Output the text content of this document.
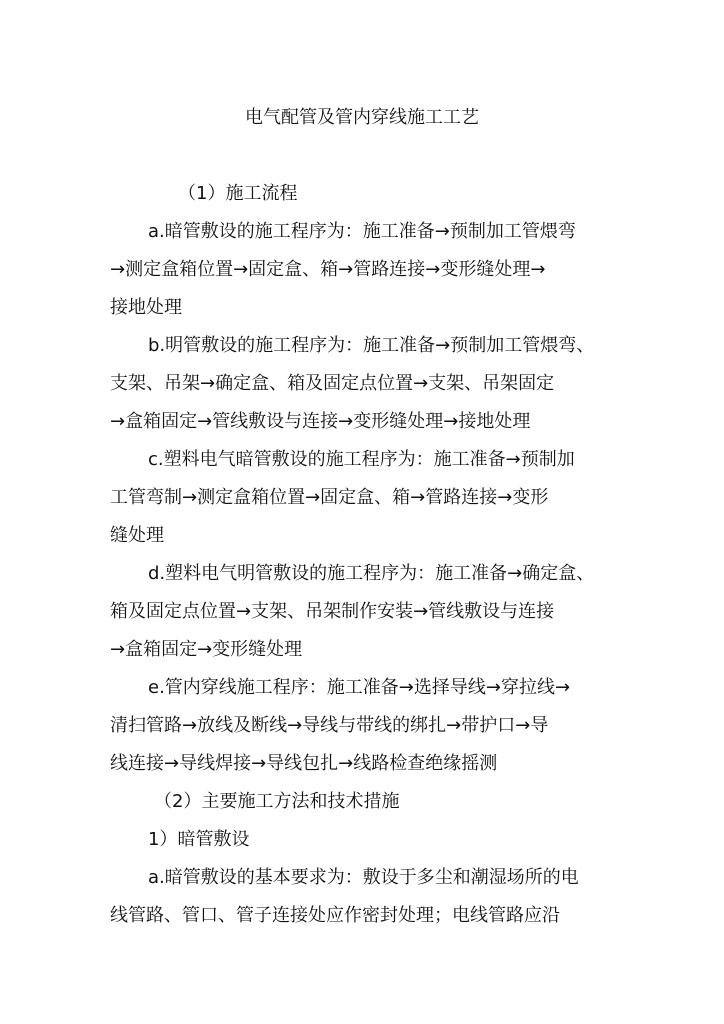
电气配管及管内穿线施工工艺
（1）施工流程
a.暗管敷设的施工程序为：施工准备→预制加工管煨弯
→测定盒箱位置→固定盒、箱→管路连接→变形缝处理→
接地处理
b.明管敷设的施工程序为：施工准备→预制加工管煨弯、
支架、吊架→确定盒、箱及固定点位置→支架、吊架固定
→盒箱固定→管线敷设与连接→变形缝处理→接地处理
c.塑料电气暗管敷设的施工程序为：施工准备→预制加
工管弯制→测定盒箱位置→固定盒、箱→管路连接→变形
缝处理
d.塑料电气明管敷设的施工程序为：施工准备→确定盒、
箱及固定点位置→支架、吊架制作安装→管线敷设与连接
→盒箱固定→变形缝处理
e.管内穿线施工程序：施工准备→选择导线→穿拉线→
清扫管路→放线及断线→导线与带线的绑扎→带护口→导
线连接→导线焊接→导线包扎→线路检查绝缘摇测
（2）主要施工方法和技术措施
1）暗管敷设
a.暗管敷设的基本要求为：敷设于多尘和潮湿场所的电
线管路、管口、管子连接处应作密封处理；电线管路应沿
